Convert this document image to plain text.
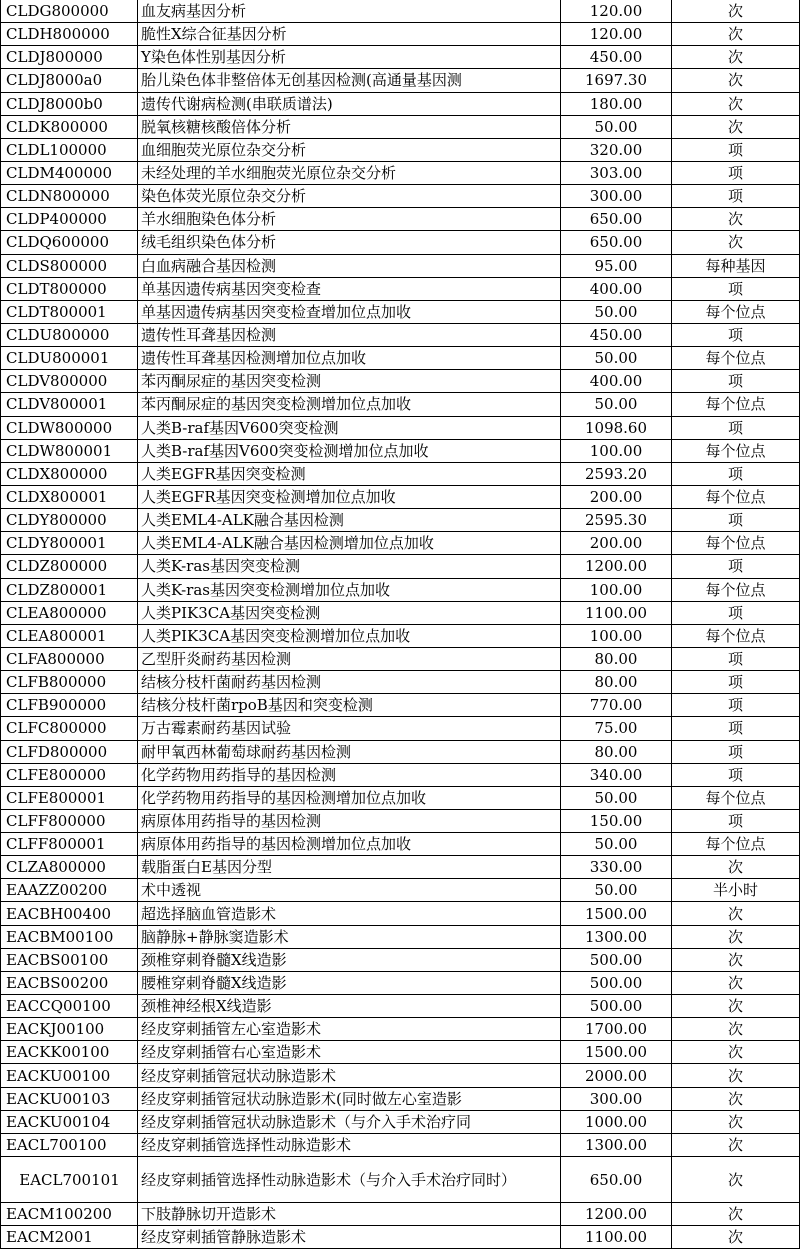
CLDG800000	血友病基因分析	120.00	次
CLDH800000	脆性X综合征基因分析	120.00	次
CLDJ800000	Y染色体性别基因分析	450.00	次
CLDJ8000a0	胎儿染色体非整倍体无创基因检测(高通量基因测	1697.30	次
CLDJ8000b0	遗传代谢病检测(串联质谱法)	180.00	次
CLDK800000	脱氧核糖核酸倍体分析	50.00	次
CLDL100000	血细胞荧光原位杂交分析	320.00	项
CLDM400000	未经处理的羊水细胞荧光原位杂交分析	303.00	项
CLDN800000	染色体荧光原位杂交分析	300.00	项
CLDP400000	羊水细胞染色体分析	650.00	次
CLDQ600000	绒毛组织染色体分析	650.00	次
CLDS800000	白血病融合基因检测	95.00	每种基因
CLDT800000	单基因遗传病基因突变检查	400.00	项
CLDT800001	单基因遗传病基因突变检查增加位点加收	50.00	每个位点
CLDU800000	遗传性耳聋基因检测	450.00	项
CLDU800001	遗传性耳聋基因检测增加位点加收	50.00	每个位点
CLDV800000	苯丙酮尿症的基因突变检测	400.00	项
CLDV800001	苯丙酮尿症的基因突变检测增加位点加收	50.00	每个位点
CLDW800000	人类B-raf基因V600突变检测	1098.60	项
CLDW800001	人类B-raf基因V600突变检测增加位点加收	100.00	每个位点
CLDX800000	人类EGFR基因突变检测	2593.20	项
CLDX800001	人类EGFR基因突变检测增加位点加收	200.00	每个位点
CLDY800000	人类EML4-ALK融合基因检测	2595.30	项
CLDY800001	人类EML4-ALK融合基因检测增加位点加收	200.00	每个位点
CLDZ800000	人类K-ras基因突变检测	1200.00	项
CLDZ800001	人类K-ras基因突变检测增加位点加收	100.00	每个位点
CLEA800000	人类PIK3CA基因突变检测	1100.00	项
CLEA800001	人类PIK3CA基因突变检测增加位点加收	100.00	每个位点
CLFA800000	乙型肝炎耐药基因检测	80.00	项
CLFB800000	结核分枝杆菌耐药基因检测	80.00	项
CLFB900000	结核分枝杆菌rpoB基因和突变检测	770.00	项
CLFC800000	万古霉素耐药基因试验	75.00	项
CLFD800000	耐甲氧西林葡萄球耐药基因检测	80.00	项
CLFE800000	化学药物用药指导的基因检测	340.00	项
CLFE800001	化学药物用药指导的基因检测增加位点加收	50.00	每个位点
CLFF800000	病原体用药指导的基因检测	150.00	项
CLFF800001	病原体用药指导的基因检测增加位点加收	50.00	每个位点
CLZA800000	载脂蛋白E基因分型	330.00	次
EAAZZ00200	术中透视	50.00	半小时
EACBH00400	超选择脑血管造影术	1500.00	次
EACBM00100	脑静脉+静脉窦造影术	1300.00	次
EACBS00100	颈椎穿刺脊髓X线造影	500.00	次
EACBS00200	腰椎穿刺脊髓X线造影	500.00	次
EACCQ00100	颈椎神经根X线造影	500.00	次
EACKJ00100	经皮穿刺插管左心室造影术	1700.00	次
EACKK00100	经皮穿刺插管右心室造影术	1500.00	次
EACKU00100	经皮穿刺插管冠状动脉造影术	2000.00	次
EACKU00103	经皮穿刺插管冠状动脉造影术(同时做左心室造影	300.00	次
EACKU00104	经皮穿刺插管冠状动脉造影术（与介入手术治疗同	1000.00	次
EACL700100	经皮穿刺插管选择性动脉造影术	1300.00	次
EACL700101	经皮穿刺插管选择性动脉造影术（与介入手术治疗同时）	650.00	次
EACM100200	下肢静脉切开造影术	1200.00	次
EACM2001	经皮穿刺插管静脉造影术	1100.00	次
